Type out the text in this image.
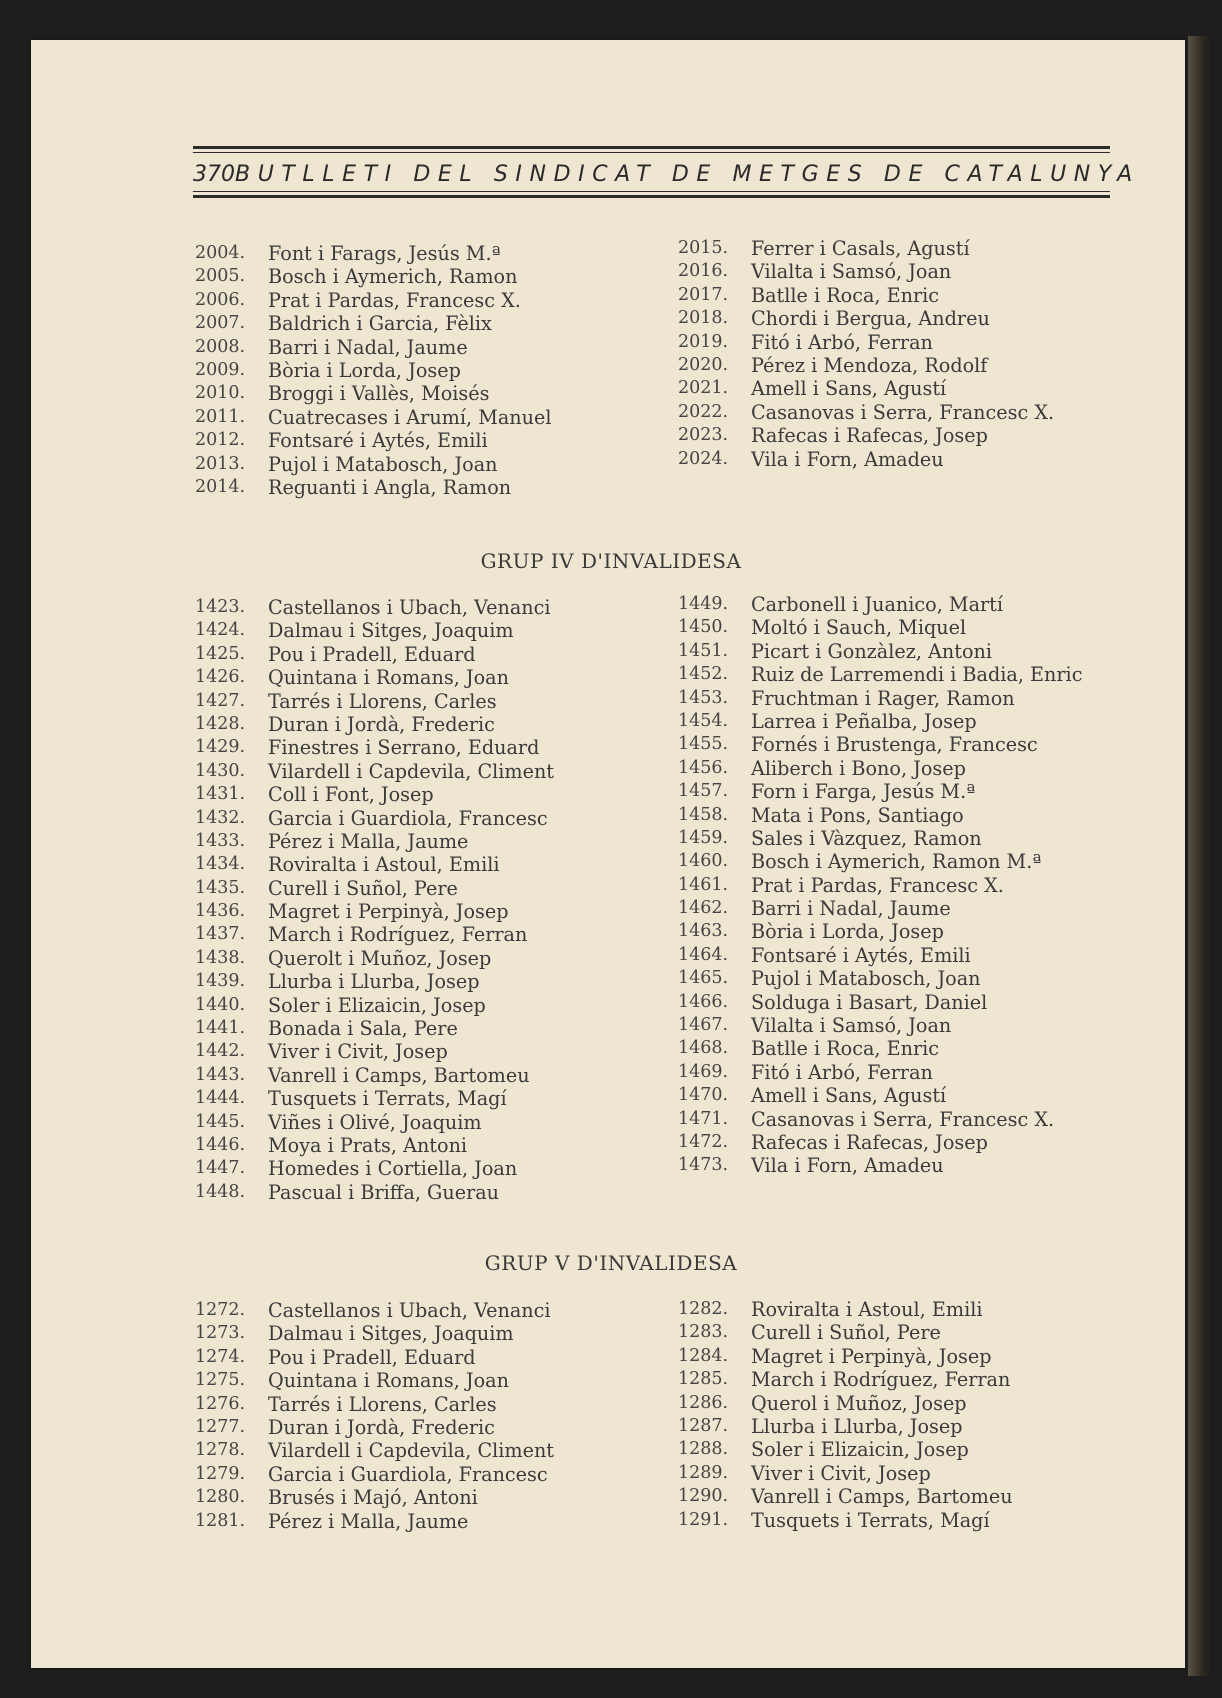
370 BUTLLETI DEL SINDICAT DE METGES DE CATALUNYA
2004. Font i Farags, Jesús M.ª
2005. Bosch i Aymerich, Ramon
2006. Prat i Pardas, Francesc X.
2007. Baldrich i Garcia, Fèlix
2008. Barri i Nadal, Jaume
2009. Bòria i Lorda, Josep
2010. Broggi i Vallès, Moisés
2011. Cuatrecases i Arumí, Manuel
2012. Fontsaré i Aytés, Emili
2013. Pujol i Matabosch, Joan
2014. Reguanti i Angla, Ramon
2015. Ferrer i Casals, Agustí
2016. Vilalta i Samsó, Joan
2017. Batlle i Roca, Enric
2018. Chordi i Bergua, Andreu
2019. Fitó i Arbó, Ferran
2020. Pérez i Mendoza, Rodolf
2021. Amell i Sans, Agustí
2022. Casanovas i Serra, Francesc X.
2023. Rafecas i Rafecas, Josep
2024. Vila i Forn, Amadeu
GRUP IV D'INVALIDESA
1423. Castellanos i Ubach, Venanci
1424. Dalmau i Sitges, Joaquim
1425. Pou i Pradell, Eduard
1426. Quintana i Romans, Joan
1427. Tarrés i Llorens, Carles
1428. Duran i Jordà, Frederic
1429. Finestres i Serrano, Eduard
1430. Vilardell i Capdevila, Climent
1431. Coll i Font, Josep
1432. Garcia i Guardiola, Francesc
1433. Pérez i Malla, Jaume
1434. Roviralta i Astoul, Emili
1435. Curell i Suñol, Pere
1436. Magret i Perpinyà, Josep
1437. March i Rodríguez, Ferran
1438. Querolt i Muñoz, Josep
1439. Llurba i Llurba, Josep
1440. Soler i Elizaicin, Josep
1441. Bonada i Sala, Pere
1442. Viver i Civit, Josep
1443. Vanrell i Camps, Bartomeu
1444. Tusquets i Terrats, Magí
1445. Viñes i Olivé, Joaquim
1446. Moya i Prats, Antoni
1447. Homedes i Cortiella, Joan
1448. Pascual i Briffa, Guerau
1449. Carbonell i Juanico, Martí
1450. Moltó i Sauch, Miquel
1451. Picart i Gonzàlez, Antoni
1452. Ruiz de Larremendi i Badia, Enric
1453. Fruchtman i Rager, Ramon
1454. Larrea i Peñalba, Josep
1455. Fornés i Brustenga, Francesc
1456. Aliberch i Bono, Josep
1457. Forn i Farga, Jesús M.ª
1458. Mata i Pons, Santiago
1459. Sales i Vàzquez, Ramon
1460. Bosch i Aymerich, Ramon M.ª
1461. Prat i Pardas, Francesc X.
1462. Barri i Nadal, Jaume
1463. Bòria i Lorda, Josep
1464. Fontsaré i Aytés, Emili
1465. Pujol i Matabosch, Joan
1466. Solduga i Basart, Daniel
1467. Vilalta i Samsó, Joan
1468. Batlle i Roca, Enric
1469. Fitó i Arbó, Ferran
1470. Amell i Sans, Agustí
1471. Casanovas i Serra, Francesc X.
1472. Rafecas i Rafecas, Josep
1473. Vila i Forn, Amadeu
GRUP V D'INVALIDESA
1272. Castellanos i Ubach, Venanci
1273. Dalmau i Sitges, Joaquim
1274. Pou i Pradell, Eduard
1275. Quintana i Romans, Joan
1276. Tarrés i Llorens, Carles
1277. Duran i Jordà, Frederic
1278. Vilardell i Capdevila, Climent
1279. Garcia i Guardiola, Francesc
1280. Brusés i Majó, Antoni
1281. Pérez i Malla, Jaume
1282. Roviralta i Astoul, Emili
1283. Curell i Suñol, Pere
1284. Magret i Perpinyà, Josep
1285. March i Rodríguez, Ferran
1286. Querol i Muñoz, Josep
1287. Llurba i Llurba, Josep
1288. Soler i Elizaicin, Josep
1289. Viver i Civit, Josep
1290. Vanrell i Camps, Bartomeu
1291. Tusquets i Terrats, Magí
